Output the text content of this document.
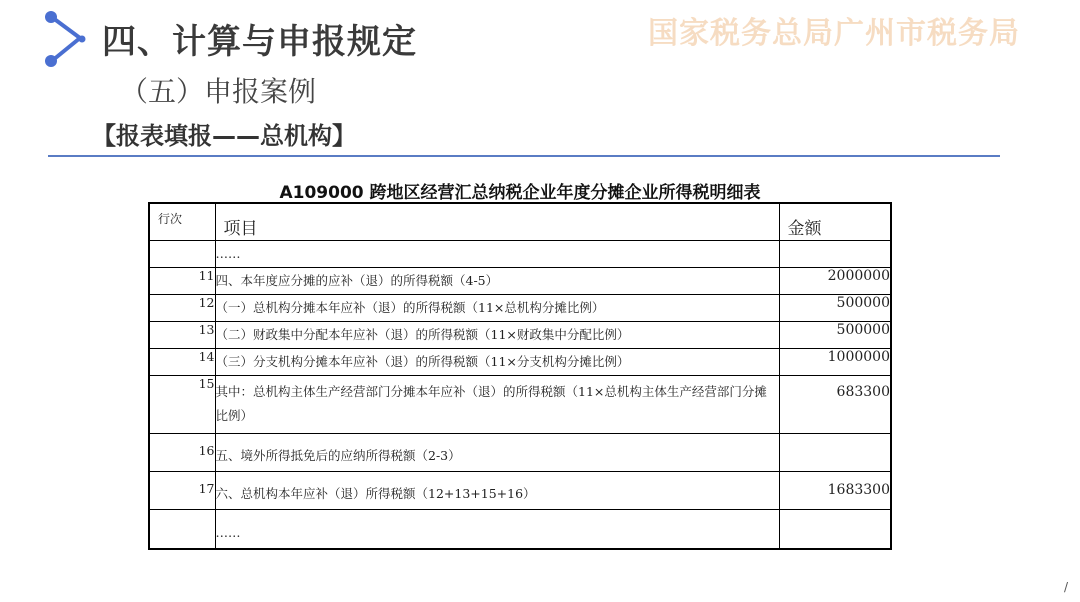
四、计算与申报规定	国家税务总局广州市税务局
（五）申报案例
【报表填报——总机构】
A109000 跨地区经营汇总纳税企业年度分摊企业所得税明细表
行次	项目	金额

	……	
11	四、本年度应分摊的应补（退）的所得税额（4-5）	2000000
12	（一）总机构分摊本年应补（退）的所得税额（11×总机构分摊比例）	500000
13	（二）财政集中分配本年应补（退）的所得税额（11×财政集中分配比例）	500000
14	（三）分支机构分摊本年应补（退）的所得税额（11×分支机构分摊比例）	1000000
15	其中：总机构主体生产经营部门分摊本年应补（退）的所得税额（11×总机构主体生产经营部门分摊比例）	683300
16	五、境外所得抵免后的应纳所得税额（2-3）	
17	六、总机构本年应补（退）所得税额（12+13+15+16）	1683300
	……	
/
